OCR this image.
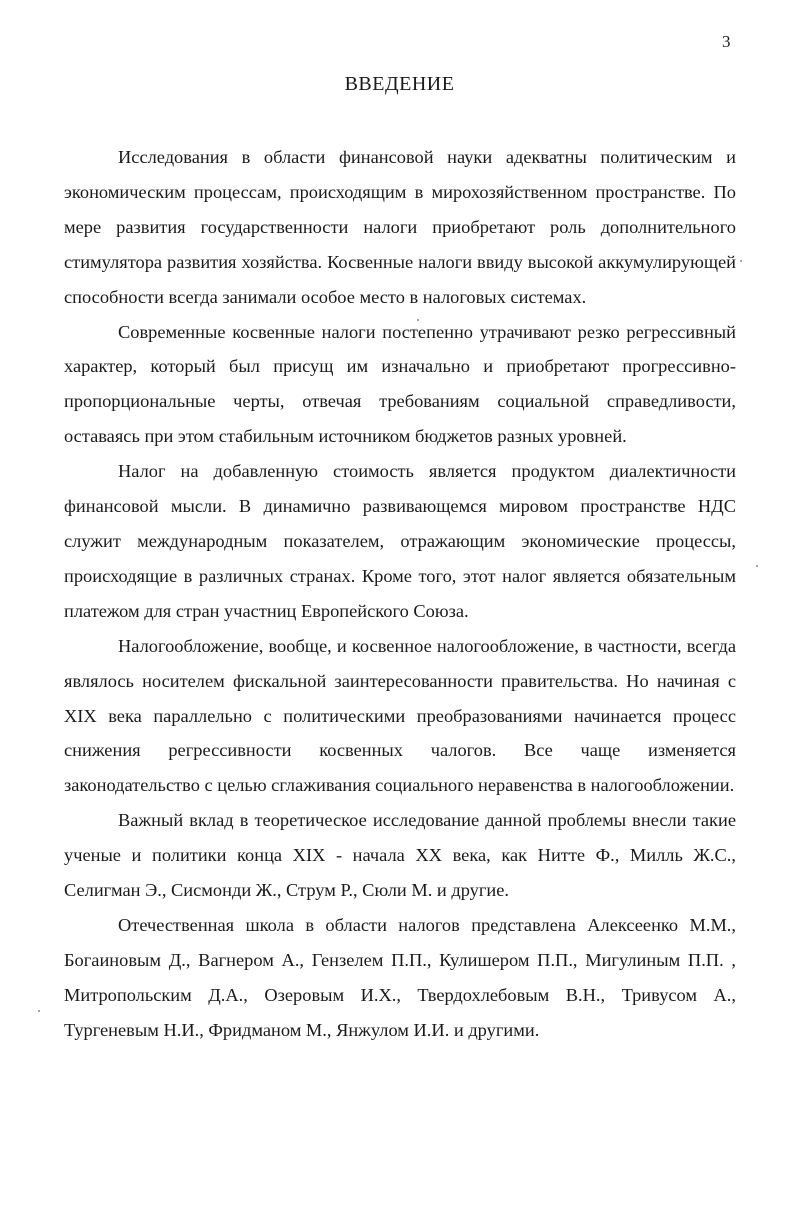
3
ВВЕДЕНИЕ

Исследования в области финансовой науки адекватны политическим и экономическим процессам, происходящим в мирохозяйственном пространстве. По мере развития государственности налоги приобретают роль дополнительного стимулятора развития хозяйства. Косвенные налоги ввиду высокой аккумулирующей способности всегда занимали особое место в налоговых системах.

Современные косвенные налоги постепенно утрачивают резко регрессивный характер, который был присущ им изначально и приобретают прогрессивно-пропорциональные черты, отвечая требованиям социальной справедливости, оставаясь при этом стабильным источником бюджетов разных уровней.

Налог на добавленную стоимость является продуктом диалектичности финансовой мысли. В динамично развивающемся мировом пространстве НДС служит международным показателем, отражающим экономические процессы, происходящие в различных странах. Кроме того, этот налог является обязательным платежом для стран участниц Европейского Союза.

Налогообложение, вообще, и косвенное налогообложение, в частности, всегда являлось носителем фискальной заинтересованности правительства. Но начиная с XIX века параллельно с политическими преобразованиями начинается процесс снижения регрессивности косвенных чалогов. Все чаще изменяется законодательство с целью сглаживания социального неравенства в налогообложении.

Важный вклад в теоретическое исследование данной проблемы внесли такие ученые и политики конца XIX - начала XX века, как Нитте Ф., Милль Ж.С., Селигман Э., Сисмонди Ж., Струм Р., Сюли М. и другие.

Отечественная школа в области налогов представлена Алексеенко М.М., Богаиновым Д., Вагнером А., Гензелем П.П., Кулишером П.П., Мигулиным П.П. , Митропольским Д.А., Озеровым И.Х., Твердохлебовым В.Н., Тривусом А., Тургеневым Н.И., Фридманом М., Янжулом И.И. и другими.
